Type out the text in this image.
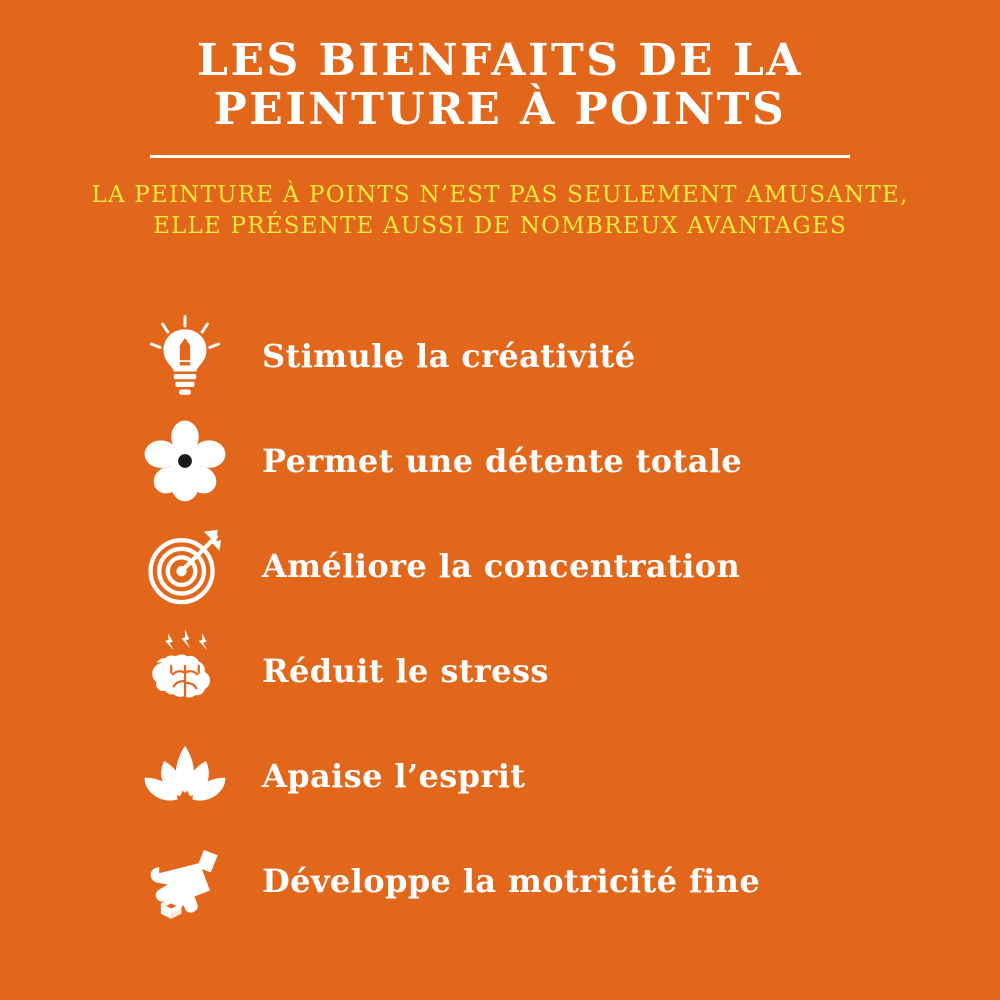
LES BIENFAITS DE LA PEINTURE À POINTS
LA PEINTURE À POINTS N’EST PAS SEULEMENT AMUSANTE, ELLE PRÉSENTE AUSSI DE NOMBREUX AVANTAGES
Stimule la créativité
Permet une détente totale
Améliore la concentration
Réduit le stress
Apaise l’esprit
Développe la motricité fine
